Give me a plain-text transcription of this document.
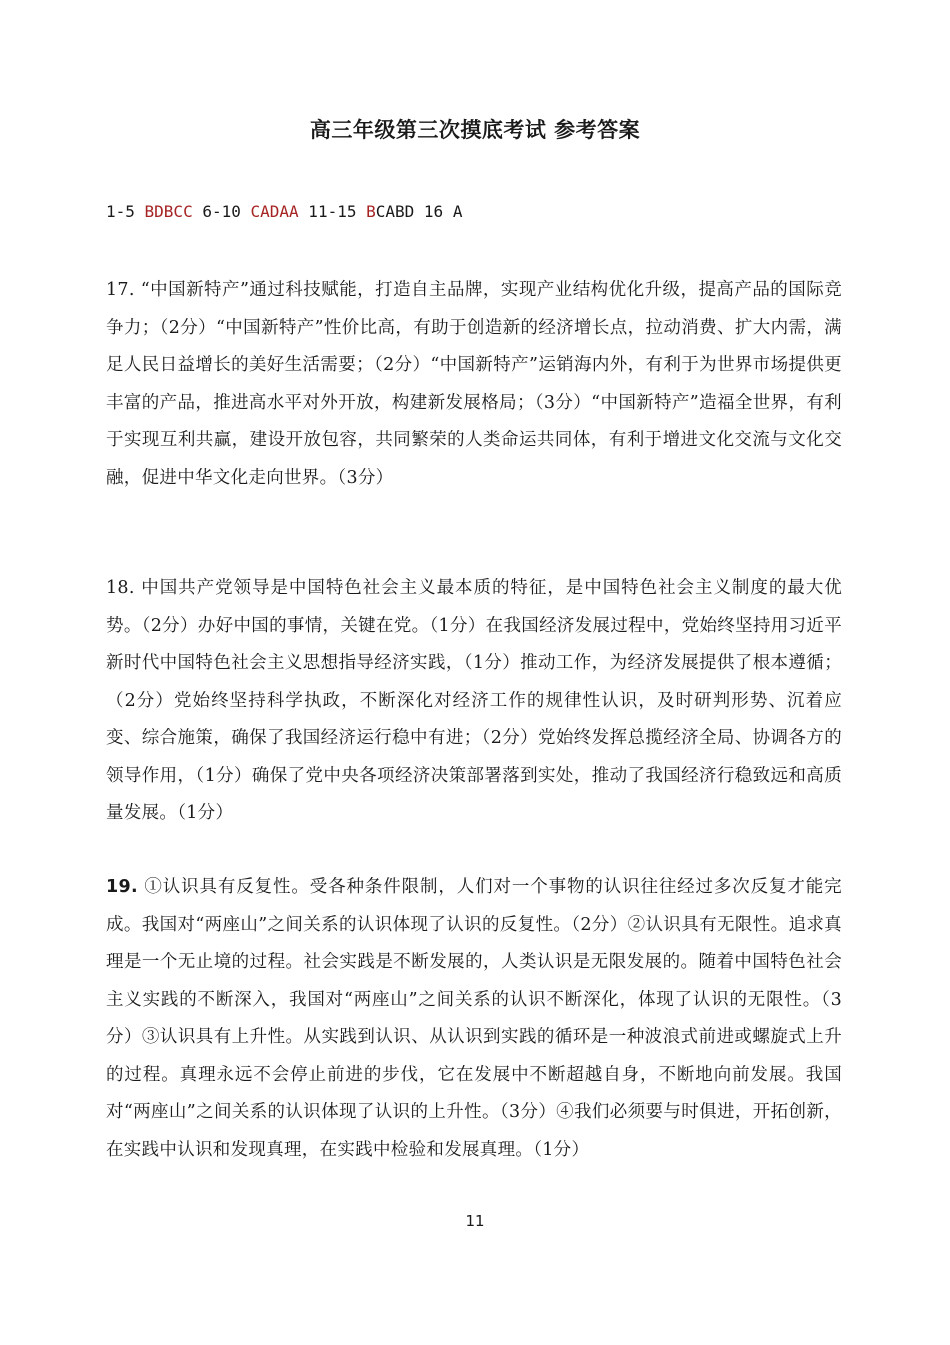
高三年级第三次摸底考试 参考答案
1-5 BDBCC 6-10 CADAA 11-15 BCABD 16 A
17. “中国新特产”通过科技赋能，打造自主品牌，实现产业结构优化升级，提高产品的国际竞争力；（2分）“中国新特产”性价比高，有助于创造新的经济增长点，拉动消费、扩大内需，满足人民日益增长的美好生活需要；（2分）“中国新特产”运销海内外，有利于为世界市场提供更丰富的产品，推进高水平对外开放，构建新发展格局；（3分）“中国新特产”造福全世界，有利于实现互利共赢，建设开放包容，共同繁荣的人类命运共同体，有利于增进文化交流与文化交融，促进中华文化走向世界。（3分）
18. 中国共产党领导是中国特色社会主义最本质的特征，是中国特色社会主义制度的最大优势。（2分）办好中国的事情，关键在党。（1分）在我国经济发展过程中，党始终坚持用习近平新时代中国特色社会主义思想指导经济实践，（1分）推动工作，为经济发展提供了根本遵循；（2分）党始终坚持科学执政，不断深化对经济工作的规律性认识，及时研判形势、沉着应变、综合施策，确保了我国经济运行稳中有进；（2分）党始终发挥总揽经济全局、协调各方的领导作用，（1分）确保了党中央各项经济决策部署落到实处，推动了我国经济行稳致远和高质量发展。（1分）
19. ①认识具有反复性。受各种条件限制，人们对一个事物的认识往往经过多次反复才能完成。我国对“两座山”之间关系的认识体现了认识的反复性。（2分）②认识具有无限性。追求真理是一个无止境的过程。社会实践是不断发展的，人类认识是无限发展的。随着中国特色社会主义实践的不断深入，我国对“两座山”之间关系的认识不断深化，体现了认识的无限性。（3分）③认识具有上升性。从实践到认识、从认识到实践的循环是一种波浪式前进或螺旋式上升的过程。真理永远不会停止前进的步伐，它在发展中不断超越自身，不断地向前发展。我国对“两座山”之间关系的认识体现了认识的上升性。（3分）④我们必须要与时俱进，开拓创新，在实践中认识和发现真理，在实践中检验和发展真理。（1分）
11
